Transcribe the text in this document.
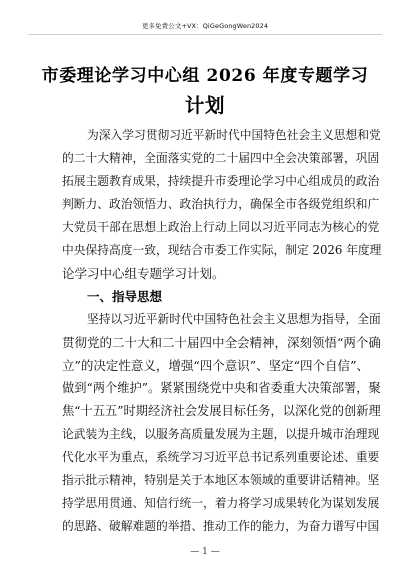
更多免费公文+VX：QiGeGongWen2024
市委理论学习中心组 2026 年度专题学习
计划
为深入学习贯彻习近平新时代中国特色社会主义思想和党
的二十大精神，全面落实党的二十届四中全会决策部署，巩固
拓展主题教育成果，持续提升市委理论学习中心组成员的政治
判断力、政治领悟力、政治执行力，确保全市各级党组织和广
大党员干部在思想上政治上行动上同以习近平同志为核心的党
中央保持高度一致，现结合市委工作实际，制定 2026 年度理
论学习中心组专题学习计划。
一、指导思想
坚持以习近平新时代中国特色社会主义思想为指导，全面
贯彻党的二十大和二十届四中全会精神，深刻领悟“两个确
立”的决定性意义，增强“四个意识”、坚定“四个自信”、
做到“两个维护”。紧紧围绕党中央和省委重大决策部署，聚
焦“十五五”时期经济社会发展目标任务，以深化党的创新理
论武装为主线，以服务高质量发展为主题，以提升城市治理现
代化水平为重点，系统学习习近平总书记系列重要论述、重要
指示批示精神，特别是关于本地区本领域的重要讲话精神。坚
持学思用贯通、知信行统一，着力将学习成果转化为谋划发展
的思路、破解难题的举措、推动工作的能力，为奋力谱写中国
— 1 —
